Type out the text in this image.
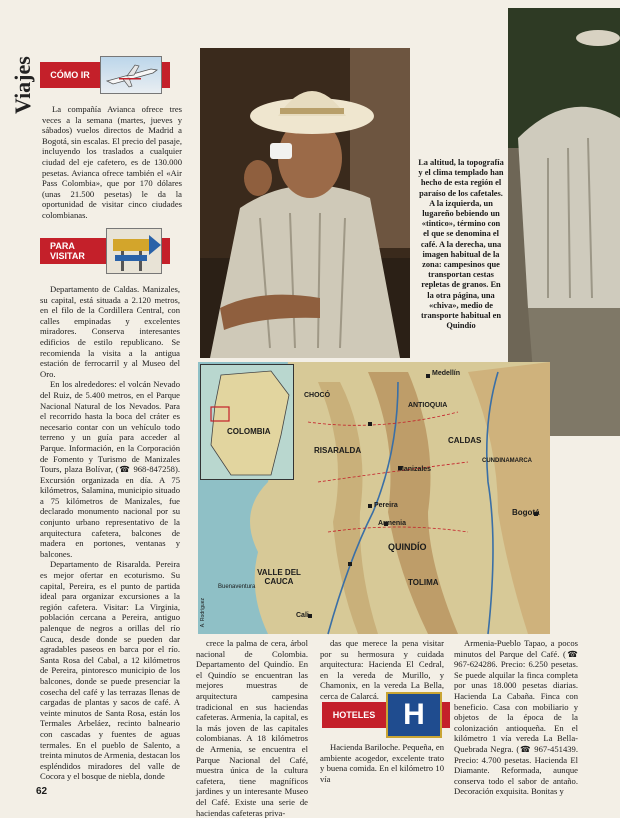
Viajes	CÓMO IR

La compañía Avianca ofrece tres veces a la semana (martes, jueves y sábados) vuelos directos de Madrid a Bogotá, sin escalas. El precio del pasaje, incluyendo los traslados a cualquier ciudad del eje cafetero, es de 130.000 pesetas. Avianca ofrece también el «Air Pass Colombia», que por 170 dólares (unas 21.500 pesetas) le da la oportunidad de visitar cinco ciudades colombianas.

PARA VISITAR

Departamento de Caldas. Manizales, su capital, está situada a 2.120 metros, en el filo de la Cordillera Central, con calles empinadas y excelentes miradores. Conserva interesantes edificios de estilo republicano. Se recomienda la visita a la antigua estación de ferrocarril y al Museo del Oro.

En los alrededores: el volcán Nevado del Ruiz, de 5.400 metros, en el Parque Nacional Natural de los Nevados. Para el recorrido hasta la boca del cráter es necesario contar con un vehículo todo terreno y un guía para acceder al Parque. Información, en la Corporación de Fomento y Turismo de Manizales Tours, plaza Bolívar, (☎ 968-847258). Excursión organizada en día. A 75 kilómetros, Salamina, municipio situado a 75 kilómetros de Manizales, fue declarado monumento nacional por su conjunto urbano representativo de la arquitectura cafetera, balcones de madera en portones, ventanas y balcones.

Departamento de Risaralda. Pereira es mejor ofertar en ecoturismo. Su capital, Pereira, es el punto de partida ideal para organizar excursiones a la región cafetera. Visitar: La Virginia, población cercana a Pereira, antiguo palenque de negros a orillas del río Cauca, desde donde se pueden dar agradables paseos en barca por el río. Santa Rosa del Cabal, a 12 kilómetros de Pereira, pintoresco municipio de los balcones, donde se puede presenciar la cosecha del café y las terrazas llenas de cargadas de plantas y sacos de café. A veinte minutos de Santa Rosa, están los Termales Arbeláez, recinto balneario con cascadas y fuentes de aguas termales. En el pueblo de Salento, a treinta minutos de Armenia, destacan los espléndidos miradores del valle de Cocora y el bosque de niebla, donde

La altitud, la topografía y el clima templado han hecho de esta región el paraíso de los cafetales. A la izquierda, un lugareño bebiendo un «tintico», término con el que se denomina el café. A la derecha, una imagen habitual de la zona: campesinos que transportan cestas repletas de granos. En la otra página, una «chiva», medio de transporte habitual en Quindío
COLOMBIA
CHOCÓ
ANTIOQUIA
CALDAS
RISARALDA
QUINDÍO
TOLIMA
VALLE DEL CAUCA
CUNDINAMARCA
Medellín
Manizales
Pereira
Armenia
Bogotá
Cali
Buenaventura
A. Rodríguez

crece la palma de cera, árbol nacional de Colombia. Departamento del Quindío. En el Quindío se encuentran las mejores muestras de arquitectura campesina tradicional en sus haciendas cafeteras. Armenia, la capital, es la más joven de las capitales colombianas. A 18 kilómetros de Armenia, se encuentra el Parque Nacional del Café, muestra única de la cultura cafetera, tiene magníficos jardines y un interesante Museo del Café. Existe una serie de haciendas cafeteras priva-

das que merece la pena visitar por su hermosura y cuidada arquitectura: Hacienda El Cedral, en la vereda de Murillo, y Chamonix, en la vereda La Bella, cerca de Calarcá.

HOTELES H

Hacienda Bariloche. Pequeña, en ambiente acogedor, excelente trato y buena comida. En el kilómetro 10 vía

Armenia-Pueblo Tapao, a pocos minutos del Parque del Café. (☎ 967-624286. Precio: 6.250 pesetas. Se puede alquilar la finca completa por unas 18.000 pesetas diarias. Hacienda La Cabaña. Finca con beneficio. Casa con mobiliario y objetos de la época de la colonización antioqueña. En el kilómetro 1 vía vereda La Bella-Quebrada Negra. (☎ 967-451439. Precio: 4.700 pesetas. Hacienda El Diamante. Reformada, aunque conserva todo el sabor de antaño. Decoración exquisita. Bonitas y

62
